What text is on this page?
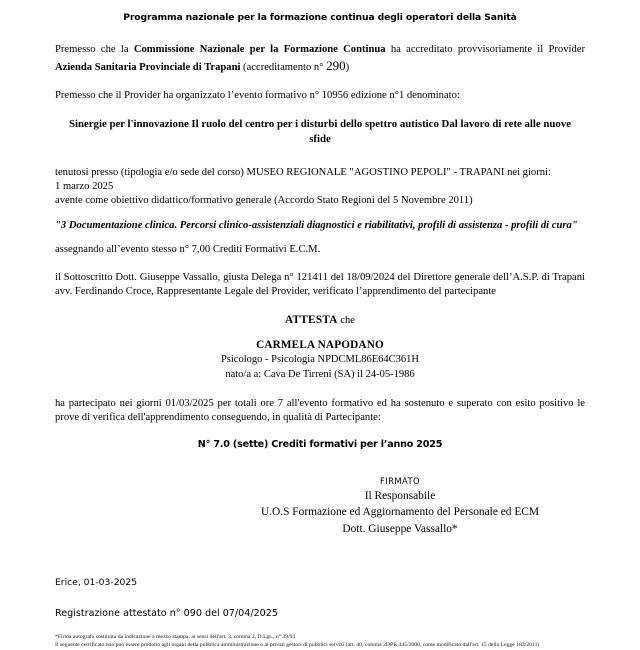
Programma nazionale per la formazione continua degli operatori della Sanità

Premesso che la Commissione Nazionale per la Formazione Continua ha accreditato provvisoriamente il Provider Azienda Sanitaria Provinciale di Trapani (accreditamento n° 290)

Premesso che il Provider ha organizzato l’evento formativo n° 10956 edizione n°1 denominato:

Sinergie per l'innovazione Il ruolo del centro per i disturbi dello spettro autistico Dal lavoro di rete alle nuove sfide

tenutosi presso (tipologia e/o sede del corso) MUSEO REGIONALE "AGOSTINO PEPOLI" - TRAPANI nei giorni:

1 marzo 2025

avente come obiettivo didattico/formativo generale (Accordo Stato Regioni del 5 Novembre 2011)

"3 Documentazione clinica. Percorsi clinico-assistenziali diagnostici e riabilitativi, profili di assistenza - profili di cura"

assegnando all’evento stesso n° 7,00 Crediti Formativi E.C.M.

il Sottoscritto Dott. Giuseppe Vassallo, giusta Delega n° 121411 del 18/09/2024 del Direttore generale dell’A.S.P. di Trapani avv. Ferdinando Croce, Rappresentante Legale del Provider, verificato l’apprendimento del partecipante

ATTESTA che
CARMELA NAPODANO
Psicologo - Psicologia NPDCML86E64C361H
nato/a a: Cava De Tirreni (SA) il 24-05-1986

ha partecipato nei giorni 01/03/2025 per totali ore 7 all'evento formativo ed ha sostenuto e superato con esito positivo le prove di verifica dell'apprendimento conseguendo, in qualità di Partecipante:

N° 7.0 (sette) Crediti formativi per l’anno 2025
FIRMATO
Il Responsabile
U.O.S Formazione ed Aggiornamento del Personale ed ECM
Dott. Giuseppe Vassallo*
Erice, 01-03-2025
Registrazione attestato n° 090 del 07/04/2025
*Firma autografa sostituita da indicazione a mezzo stampa, ai sensi dell'art. 3, comma 2, D.Lgs., n° 39/93
Il seguente certificato non può essere prodotto agli organi della pubblica amministrazione o ai privati gestori di pubblici servizi (art. 40, comma 2DPR 445/2000, come modificato dall'art. 15 della Legge 183/2011)
